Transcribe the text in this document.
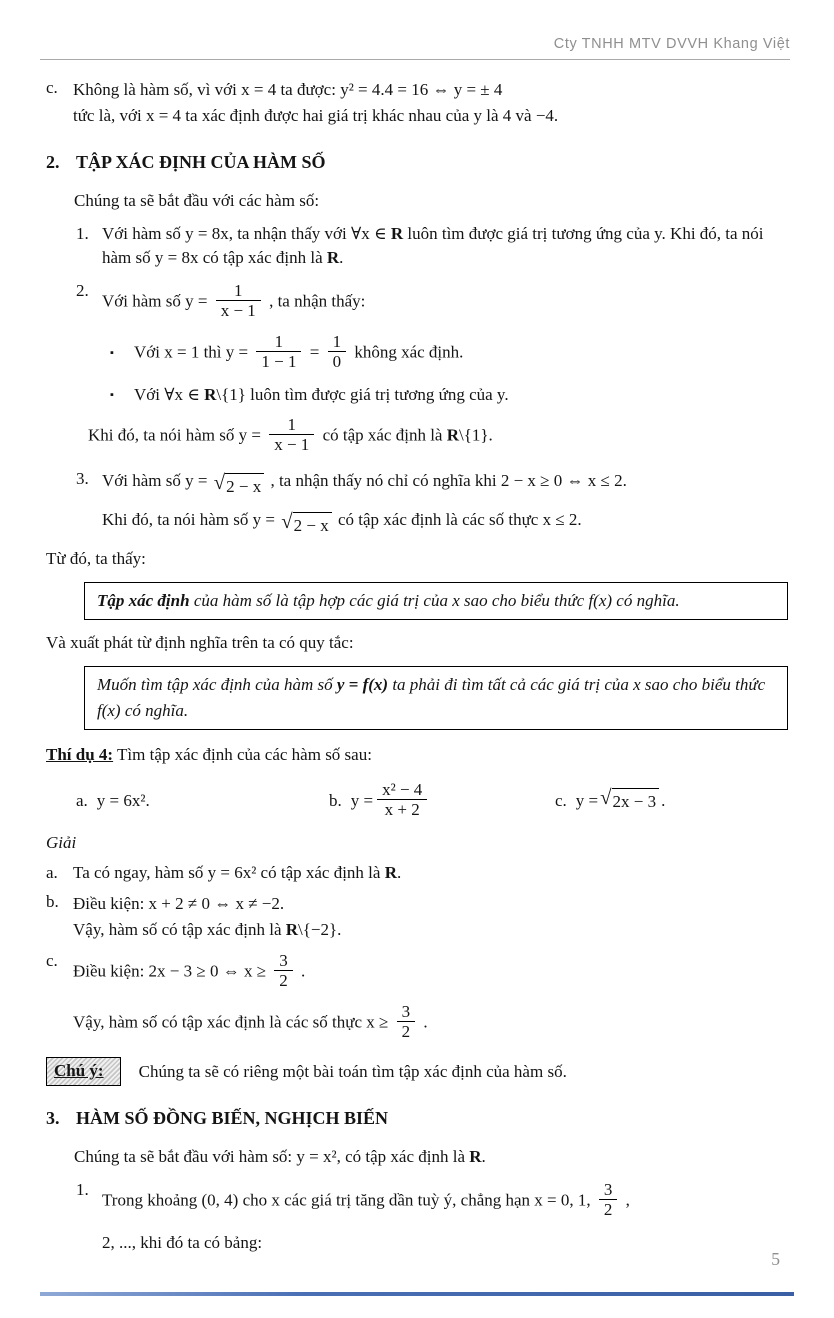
Cty TNHH MTV DVVH Khang Việt
c. Không là hàm số, vì với x = 4 ta được: y² = 4.4 = 16 ⇔ y = ± 4
tức là, với x = 4 ta xác định được hai giá trị khác nhau của y là 4 và −4.
2. TẬP XÁC ĐỊNH CỦA HÀM SỐ

Chúng ta sẽ bắt đầu với các hàm số:

1. Với hàm số y = 8x, ta nhận thấy với ∀x ∈ R luôn tìm được giá trị tương ứng của y. Khi đó, ta nói hàm số y = 8x có tập xác định là R.
2.
Với hàm số $y = \frac{1}{x - 1}$ , ta nhận thấy:
▪	Với x = 1 thì $y = \frac{1}{1 - 1} = \frac{1}{0}$ không xác định.
▪	Với ∀x ∈ R\{1} luôn tìm được giá trị tương ứng của y.
Khi đó, ta nói hàm số $y = \frac{1}{x - 1}$ có tập xác định là R\{1}.
3. Với hàm số y = √ 2 − x , ta nhận thấy nó chỉ có nghĩa khi 2 − x ≥ 0 ⇔ x ≤ 2.
Khi đó, ta nói hàm số y = √ 2 − x có tập xác định là các số thực x ≤ 2.

Từ đó, ta thấy:

Tập xác định của hàm số là tập hợp các giá trị của x sao cho biểu thức f(x) có nghĩa.

Và xuất phát từ định nghĩa trên ta có quy tắc:

Muốn tìm tập xác định của hàm số y = f(x) ta phải đi tìm tất cả các giá trị của x sao cho biểu thức f(x) có nghĩa.
Thí dụ 4: Tìm tập xác định của các hàm số sau:
a. y = 6x².	b. $y = \frac{\text{x² − 4}}{x + 2}$	c. y = √ 2x − 3 .
Giải
a. Ta có ngay, hàm số y = 6x² có tập xác định là R.
b. Điều kiện: x + 2 ≠ 0 ⇔ x ≠ −2.
Vậy, hàm số có tập xác định là R\{−2}.
c.
Điều kiện: 2x − 3 ≥ 0 ⇔ $x \ge \frac{3}{2}$ .
Vậy, hàm số có tập xác định là các số thực $x \ge \frac{3}{2}$ .
Chú ý:	Chúng ta sẽ có riêng một bài toán tìm tập xác định của hàm số.
3. HÀM SỐ ĐỒNG BIẾN, NGHỊCH BIẾN

Chúng ta sẽ bắt đầu với hàm số: y = x², có tập xác định là R.

1.
Trong khoảng (0, 4) cho x các giá trị tăng dần tuỳ ý, chẳng hạn x = 0, 1, $\frac{3}{2}$ ,
2, ..., khi đó ta có bảng:
5
